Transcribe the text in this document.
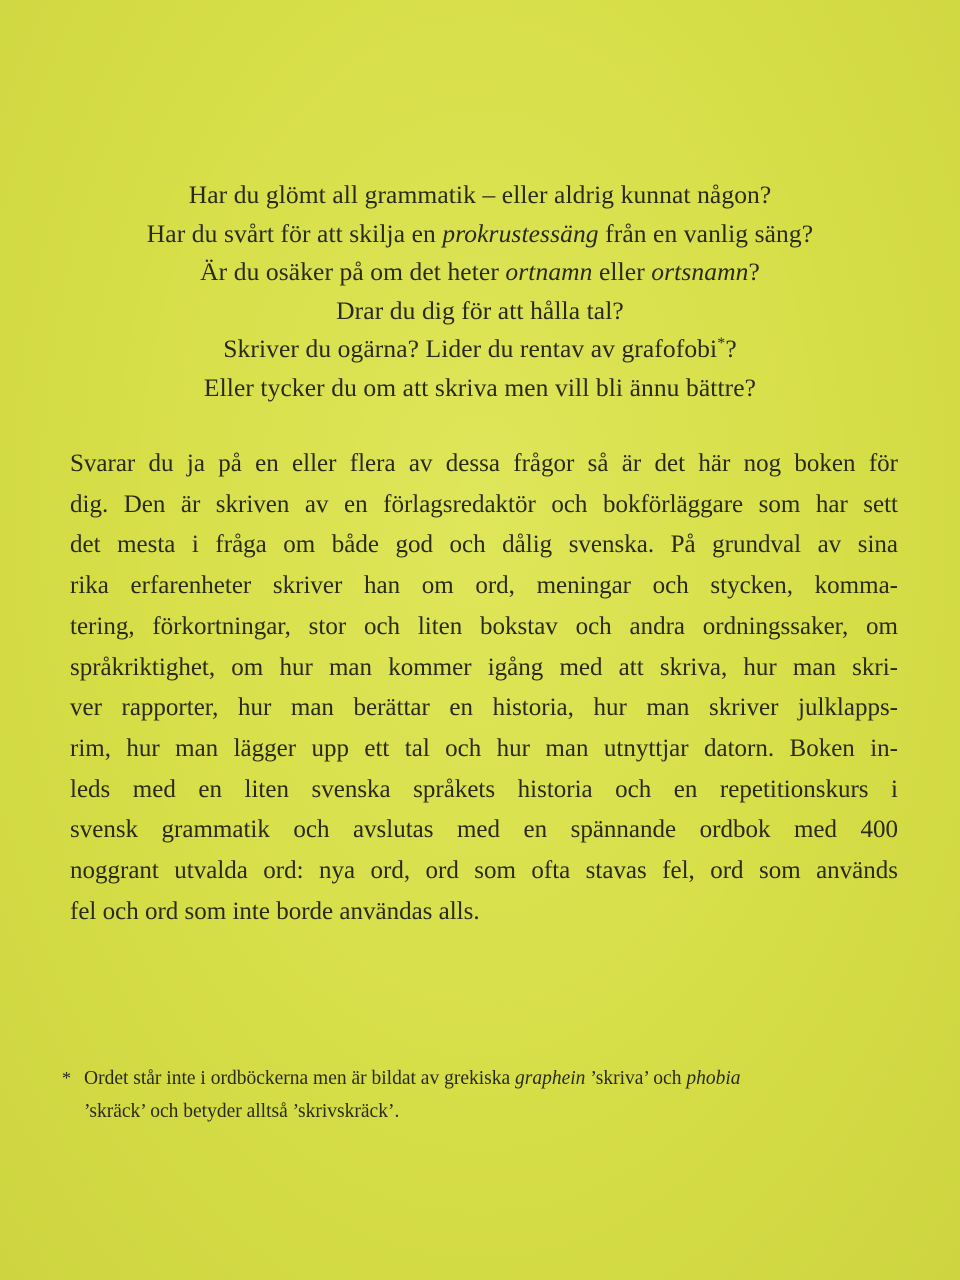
Har du glömt all grammatik – eller aldrig kunnat någon?
Har du svårt för att skilja en prokrustessäng från en vanlig säng?
Är du osäker på om det heter ortnamn eller ortsnamn?
Drar du dig för att hålla tal?
Skriver du ogärna? Lider du rentav av grafofobi*?
Eller tycker du om att skriva men vill bli ännu bättre?
Svarar du ja på en eller flera av dessa frågor så är det här nog boken för
dig. Den är skriven av en förlagsredaktör och bokförläggare som har sett
det mesta i fråga om både god och dålig svenska. På grundval av sina
rika erfarenheter skriver han om ord, meningar och stycken, komma-
tering, förkortningar, stor och liten bokstav och andra ordningssaker, om
språkriktighet, om hur man kommer igång med att skriva, hur man skri-
ver rapporter, hur man berättar en historia, hur man skriver julklapps-
rim, hur man lägger upp ett tal och hur man utnyttjar datorn. Boken in-
leds med en liten svenska språkets historia och en repetitionskurs i
svensk grammatik och avslutas med en spännande ordbok med 400
noggrant utvalda ord: nya ord, ord som ofta stavas fel, ord som används
fel och ord som inte borde användas alls.
* Ordet står inte i ordböckerna men är bildat av grekiska graphein ’skriva’ och phobia
’skräck’ och betyder alltså ’skrivskräck’.
